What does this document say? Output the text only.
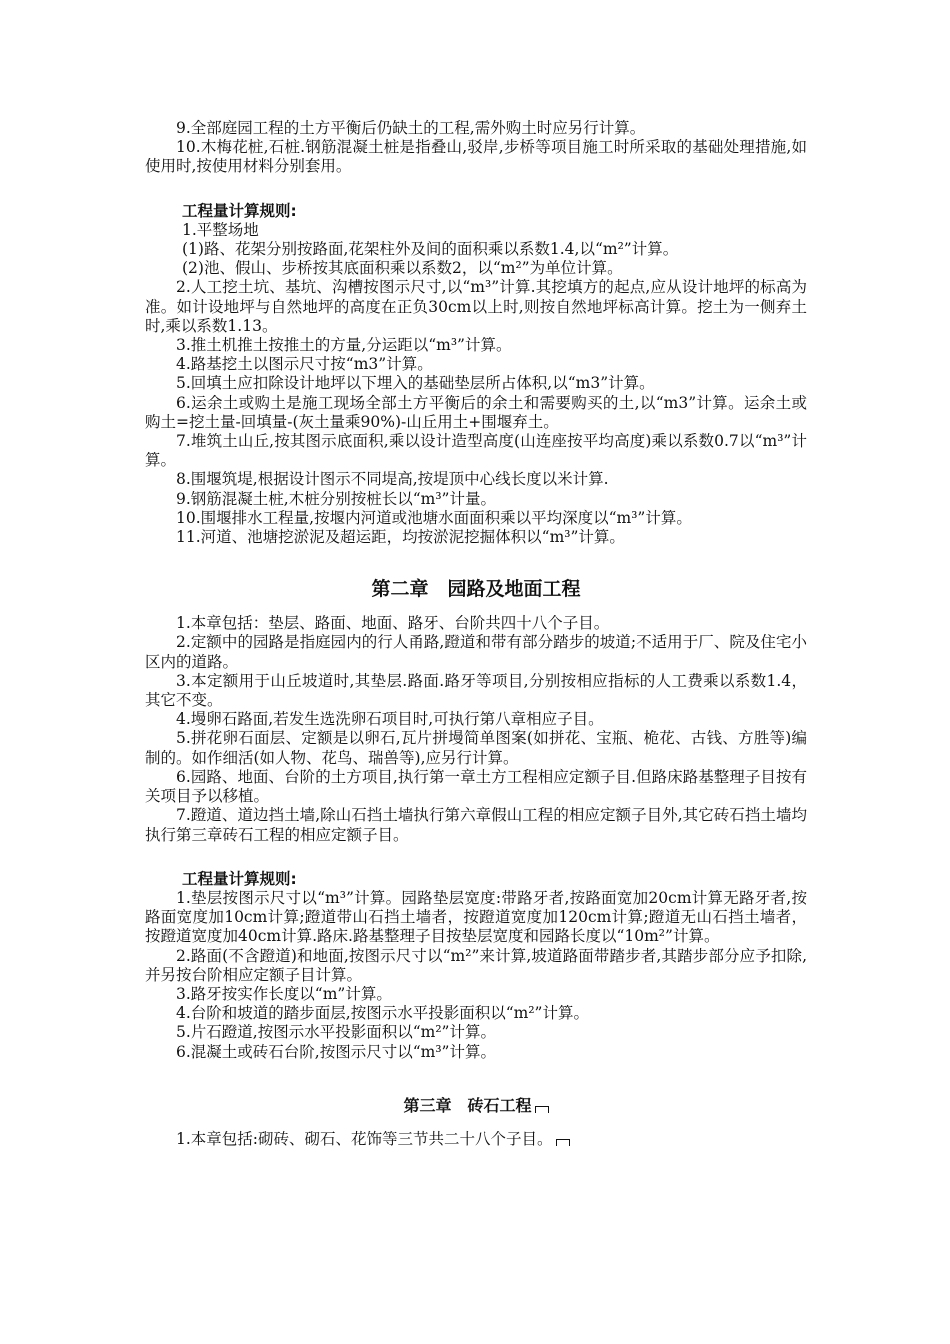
9.全部庭园工程的土方平衡后仍缺土的工程,需外购土时应另行计算。

10.木梅花桩,石桩.钢筋混凝土桩是指叠山,驳岸,步桥等项目施工时所采取的基础处理措施,如使用时,按使用材料分别套用。

工程量计算规则:

1.平整场地

(1)路、花架分别按路面,花架柱外及间的面积乘以系数1.4,以“m²”计算。

(2)池、假山、步桥按其底面积乘以系数2，以“m²”为单位计算。

2.人工挖土坑、基坑、沟槽按图示尺寸,以“m³”计算.其挖填方的起点,应从设计地坪的标高为准。如计设地坪与自然地坪的高度在正负30cm以上时,则按自然地坪标高计算。挖土为一侧弃土时,乘以系数1.13。

3.推土机推土按推土的方量,分运距以“m³”计算。

4.路基挖土以图示尺寸按“m3”计算。

5.回填土应扣除设计地坪以下埋入的基础垫层所占体积,以“m3”计算。

6.运余土或购土是施工现场全部土方平衡后的余土和需要购买的土,以“m3”计算。运余土或购土=挖土量-回填量-(灰土量乘90%)-山丘用土+围堰弃土。

7.堆筑土山丘,按其图示底面积,乘以设计造型高度(山连座按平均高度)乘以系数0.7以“m³”计算。

8.围堰筑堤,根据设计图示不同堤高,按堤顶中心线长度以米计算.

9.钢筋混凝土桩,木桩分别按桩长以“m³”计量。

10.围堰排水工程量,按堰内河道或池塘水面面积乘以平均深度以“m³”计算。

11.河道、池塘挖淤泥及超运距，均按淤泥挖掘体积以“m³”计算。

第二章　园路及地面工程

1.本章包括：垫层、路面、地面、路牙、台阶共四十八个子目。

2.定额中的园路是指庭园内的行人甬路,蹬道和带有部分踏步的坡道;不适用于厂、院及住宅小区内的道路。

3.本定额用于山丘坡道时,其垫层.路面.路牙等项目,分别按相应指标的人工费乘以系数1.4，其它不变。

4.墁卵石路面,若发生选洗卵石项目时,可执行第八章相应子目。

5.拼花卵石面层、定额是以卵石,瓦片拼墁简单图案(如拼花、宝瓶、桅花、古钱、方胜等)编制的。如作细活(如人物、花鸟、瑞兽等),应另行计算。

6.园路、地面、台阶的土方项目,执行第一章土方工程相应定额子目.但路床路基整理子目按有关项目予以移植。

7.蹬道、道边挡土墙,除山石挡土墙执行第六章假山工程的相应定额子目外,其它砖石挡土墙均执行第三章砖石工程的相应定额子目。

工程量计算规则:

1.垫层按图示尺寸以“m³”计算。园路垫层宽度:带路牙者,按路面宽加20cm计算无路牙者,按路面宽度加10cm计算;蹬道带山石挡土墙者，按蹬道宽度加120cm计算;蹬道无山石挡土墙者，按蹬道宽度加40cm计算.路床.路基整理子目按垫层宽度和园路长度以“10m²”计算。

2.路面(不含蹬道)和地面,按图示尺寸以“m²”来计算,坡道路面带踏步者,其踏步部分应予扣除,并另按台阶相应定额子目计算。

3.路牙按实作长度以“m”计算。

4.台阶和坡道的踏步面层,按图示水平投影面积以“m²”计算。

5.片石蹬道,按图示水平投影面积以“m²”计算。

6.混凝土或砖石台阶,按图示尺寸以“m³”计算。

第三章　砖石工程

1.本章包括:砌砖、砌石、花饰等三节共二十八个子目。
